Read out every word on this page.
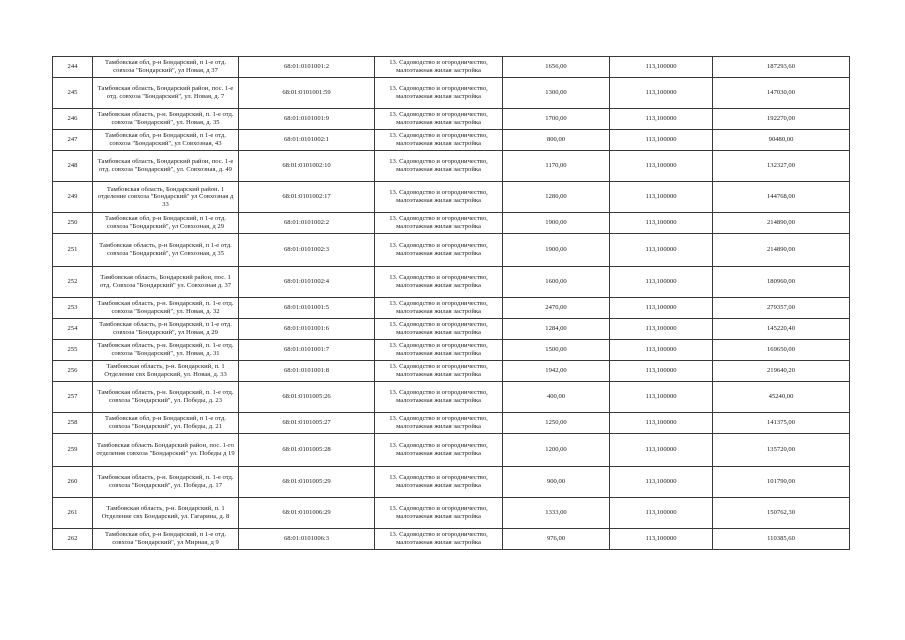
244	Тамбовская обл, р-н Бондарский, п 1-е отд. совхоза "Бондарский", ул Новая, д 37	68:01:0101001:2	13. Садоводство и огородничество, малоэтажная жилая застройка	1656,00	113,100000	187293,60
245	Тамбовская область, Бондарский район, пос. 1-е отд. совхоза "Бондарский", ул. Новая, д. 7	68:01:0101001:59	13. Садоводство и огородничество, малоэтажная жилая застройка	1300,00	113,100000	147030,00
246	Тамбовская область, р-н. Бондарский, п. 1-е отд. совхоза "Бондарский", ул. Новая, д. 35	68:01:0101001:9	13. Садоводство и огородничество, малоэтажная жилая застройка	1700,00	113,100000	192270,00
247	Тамбовская обл, р-н Бондарский, п 1-е отд. совхоза "Бондарский", ул Совхозная, 43	68:01:0101002:1	13. Садоводство и огородничество, малоэтажная жилая застройка	800,00	113,100000	90480,00
248	Тамбовская область, Бондарский район, пос. 1-е отд. совхоза "Бондарский", ул. Совхозная, д. 49	68:01:0101002:10	13. Садоводство и огородничество, малоэтажная жилая застройка	1170,00	113,100000	132327,00
249	Тамбовская область, Бондарский район. 1 отделение совхоза "Бондарский" ул Совхозная д 33	68:01:0101002:17	13. Садоводство и огородничество, малоэтажная жилая застройка	1280,00	113,100000	144768,00
250	Тамбовская обл, р-н Бондарский, п 1-е отд. совхоза "Бондарский", ул Совхозная, д 29	68:01:0101002:2	13. Садоводство и огородничество, малоэтажная жилая застройка	1900,00	113,100000	214890,00
251	Тамбовская область, р-н Бондарский, п 1-е отд. совхоза "Бондарский", ул Совхозная, д 35	68:01:0101002:3	13. Садоводство и огородничество, малоэтажная жилая застройка	1900,00	113,100000	214890,00
252	Тамбовская область, Бондарский район, пос. 1 отд. Совхоза "Бондарский" ул. Совхозная д. 37	68:01:0101002:4	13. Садоводство и огородничество, малоэтажная жилая застройка	1600,00	113,100000	180960,00
253	Тамбовская область, р-н. Бондарский, п. 1-е отд. совхоза "Бондарский", ул. Новая, д. 32	68:01:0101001:5	13. Садоводство и огородничество, малоэтажная жилая застройка	2470,00	113,100000	279357,00
254	Тамбовская область, р-н Бондарский, п 1-е отд. совхоза "Бондарский", ул Новая, д 29	68:01:0101001:6	13. Садоводство и огородничество, малоэтажная жилая застройка	1284,00	113,100000	145220,40
255	Тамбовская область, р-н. Бондарский, п. 1-е отд. совхоза "Бондарский", ул. Новая, д. 31	68:01:0101001:7	13. Садоводство и огородничество, малоэтажная жилая застройка	1500,00	113,100000	169650,00
256	Тамбовская область, р-н. Бондарский, п. 1 Отделение свх Бондарский, ул. Новая, д. 33	68:01:0101001:8	13. Садоводство и огородничество, малоэтажная жилая застройка	1942,00	113,100000	219640,20
257	Тамбовская область, р-н. Бондарский, п. 1-е отд. совхоза "Бондарский", ул. Победы, д. 23	68:01:0101005:26	13. Садоводство и огородничество, малоэтажная жилая застройка	400,00	113,100000	45240,00
258	Тамбовская обл, р-н Бондарский, п 1-е отд. совхоза "Бондарский", ул. Победы, д. 21	68:01:0101005:27	13. Садоводство и огородничество, малоэтажная жилая застройка	1250,00	113,100000	141375,00
259	Тамбовская область Бондарский район, пос. 1-го отделения совхоза "Бондарский" ул. Победы д 19	68:01:0101005:28	13. Садоводство и огородничество, малоэтажная жилая застройка	1200,00	113,100000	135720,00
260	Тамбовская область, р-н. Бондарский, п. 1-е отд. совхоза "Бондарский", ул. Победы, д. 17	68:01:0101005:29	13. Садоводство и огородничество, малоэтажная жилая застройка	900,00	113,100000	101790,00
261	Тамбовская область, р-н. Бондарский, п. 1 Отделение свх Бондарский, ул. Гагарина, д. 8	68:01:0101006:29	13. Садоводство и огородничество, малоэтажная жилая застройка	1333,00	113,100000	150762,30
262	Тамбовская обл, р-н Бондарский, п 1-е отд. совхоза "Бондарский", ул Мирная, д 9	68:01:0101006:3	13. Садоводство и огородничество, малоэтажная жилая застройка	976,00	113,100000	110385,60
